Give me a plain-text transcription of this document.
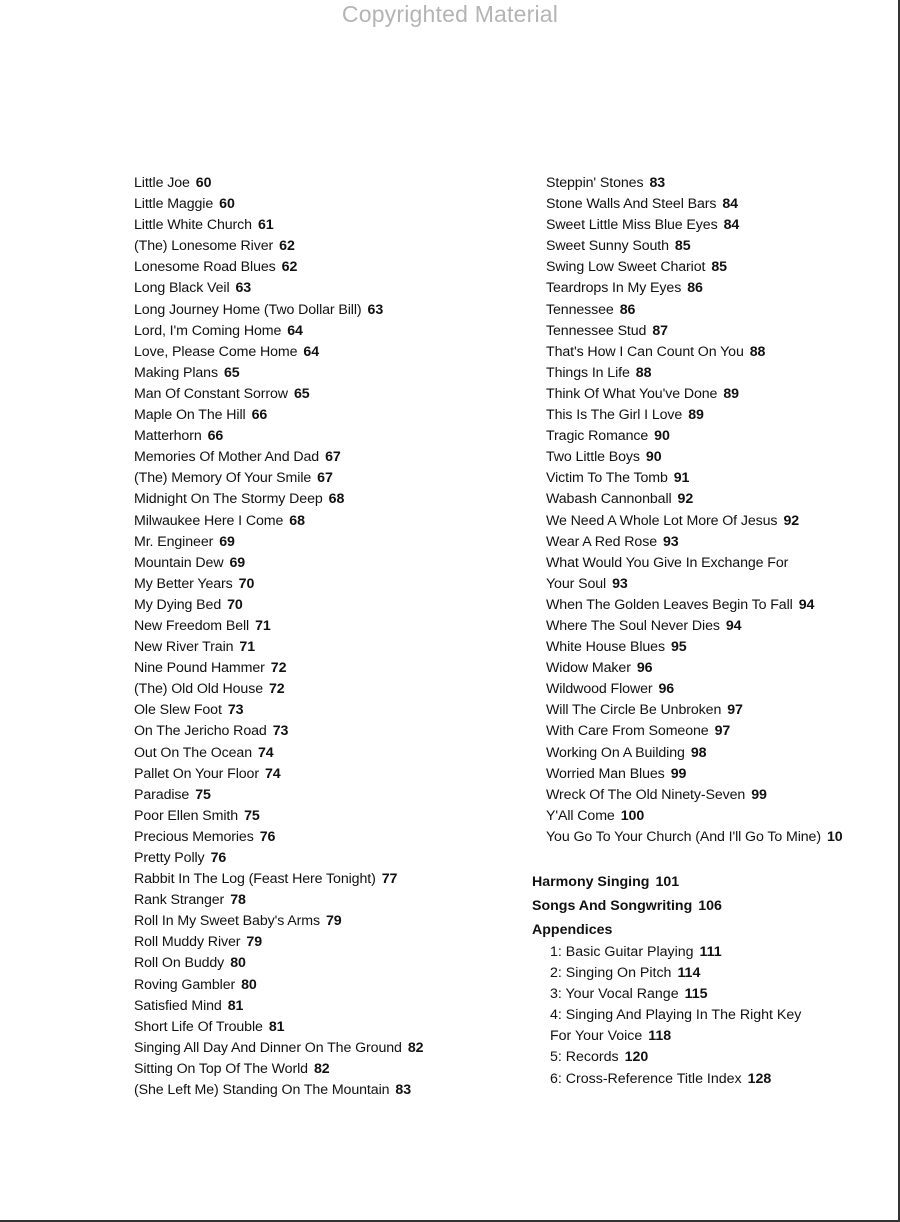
Copyrighted Material
Little Joe 60
Little Maggie 60
Little White Church 61
(The) Lonesome River 62
Lonesome Road Blues 62
Long Black Veil 63
Long Journey Home (Two Dollar Bill) 63
Lord, I'm Coming Home 64
Love, Please Come Home 64
Making Plans 65
Man Of Constant Sorrow 65
Maple On The Hill 66
Matterhorn 66
Memories Of Mother And Dad 67
(The) Memory Of Your Smile 67
Midnight On The Stormy Deep 68
Milwaukee Here I Come 68
Mr. Engineer 69
Mountain Dew 69
My Better Years 70
My Dying Bed 70
New Freedom Bell 71
New River Train 71
Nine Pound Hammer 72
(The) Old Old House 72
Ole Slew Foot 73
On The Jericho Road 73
Out On The Ocean 74
Pallet On Your Floor 74
Paradise 75
Poor Ellen Smith 75
Precious Memories 76
Pretty Polly 76
Rabbit In The Log (Feast Here Tonight) 77
Rank Stranger 78
Roll In My Sweet Baby's Arms 79
Roll Muddy River 79
Roll On Buddy 80
Roving Gambler 80
Satisfied Mind 81
Short Life Of Trouble 81
Singing All Day And Dinner On The Ground 82
Sitting On Top Of The World 82
(She Left Me) Standing On The Mountain 83
Steppin' Stones 83
Stone Walls And Steel Bars 84
Sweet Little Miss Blue Eyes 84
Sweet Sunny South 85
Swing Low Sweet Chariot 85
Teardrops In My Eyes 86
Tennessee 86
Tennessee Stud 87
That's How I Can Count On You 88
Things In Life 88
Think Of What You've Done 89
This Is The Girl I Love 89
Tragic Romance 90
Two Little Boys 90
Victim To The Tomb 91
Wabash Cannonball 92
We Need A Whole Lot More Of Jesus 92
Wear A Red Rose 93
What Would You Give In Exchange For
Your Soul 93
When The Golden Leaves Begin To Fall 94
Where The Soul Never Dies 94
White House Blues 95
Widow Maker 96
Wildwood Flower 96
Will The Circle Be Unbroken 97
With Care From Someone 97
Working On A Building 98
Worried Man Blues 99
Wreck Of The Old Ninety-Seven 99
Y'All Come 100
You Go To Your Church (And I'll Go To Mine) 10
Harmony Singing 101
Songs And Songwriting 106
Appendices
1: Basic Guitar Playing 111
2: Singing On Pitch 114
3: Your Vocal Range 115
4: Singing And Playing In The Right Key
For Your Voice 118
5: Records 120
6: Cross-Reference Title Index 128
